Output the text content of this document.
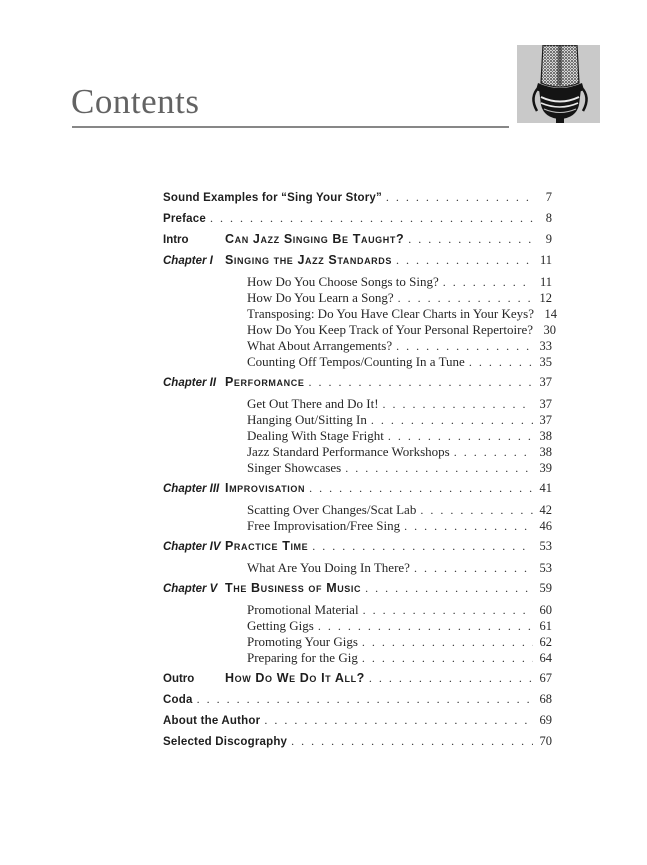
Contents
Sound Examples for “Sing Your Story” . . .	7
Preface . . .	8
Intro	Can Jazz Singing Be Taught? . . .	9
Chapter I Singing the Jazz Standards . . .	11
How Do You Choose Songs to Sing? . . .	11
How Do You Learn a Song? . . .	12
Transposing: Do You Have Clear Charts in Your Keys? 14
How Do You Keep Track of Your Personal Repertoire? 30
What About Arrangements? . . .	33
Counting Off Tempos/Counting In a Tune . . .	35
Chapter II Performance . . .	37
Get Out There and Do It! . . .	37
Hanging Out/Sitting In . . .	37
Dealing With Stage Fright . . .	38
Jazz Standard Performance Workshops . . .	38
Singer Showcases . . .	39
Chapter III Improvisation . . .	41
Scatting Over Changes/Scat Lab . . .	42
Free Improvisation/Free Sing . . .	46
Chapter IV Practice Time . . .	53
What Are You Doing In There? . . .	53
Chapter V The Business of Music . . .	59
Promotional Material . . .	60
Getting Gigs . . .	61
Promoting Your Gigs . . .	62
Preparing for the Gig . . .	64
Outro	How Do We Do It All? . . .	67
Coda . . .	68
About the Author . . .	69
Selected Discography . . .	70
